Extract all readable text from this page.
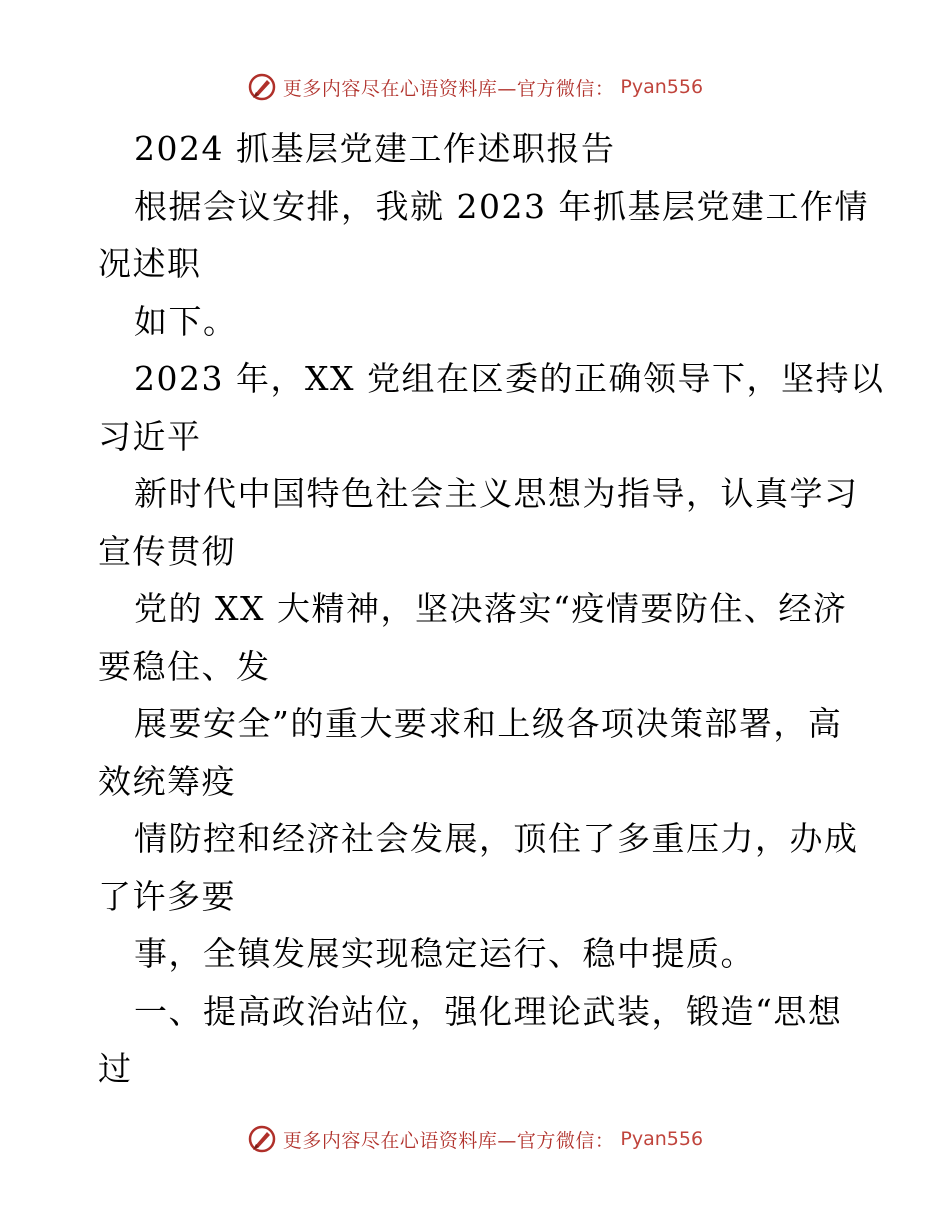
更多内容尽在心语资料库—官方微信： Pyan556
2024 抓基层党建工作述职报告
根据会议安排，我就 2023 年抓基层党建工作情
况述职
如下。
2023 年，XX 党组在区委的正确领导下，坚持以
习近平
新时代中国特色社会主义思想为指导，认真学习
宣传贯彻
党的 XX 大精神，坚决落实“疫情要防住、经济
要稳住、发
展要安全”的重大要求和上级各项决策部署，高
效统筹疫
情防控和经济社会发展，顶住了多重压力，办成
了许多要
事，全镇发展实现稳定运行、稳中提质。
一、提高政治站位，强化理论武装，锻造“思想
过
更多内容尽在心语资料库—官方微信： Pyan556
